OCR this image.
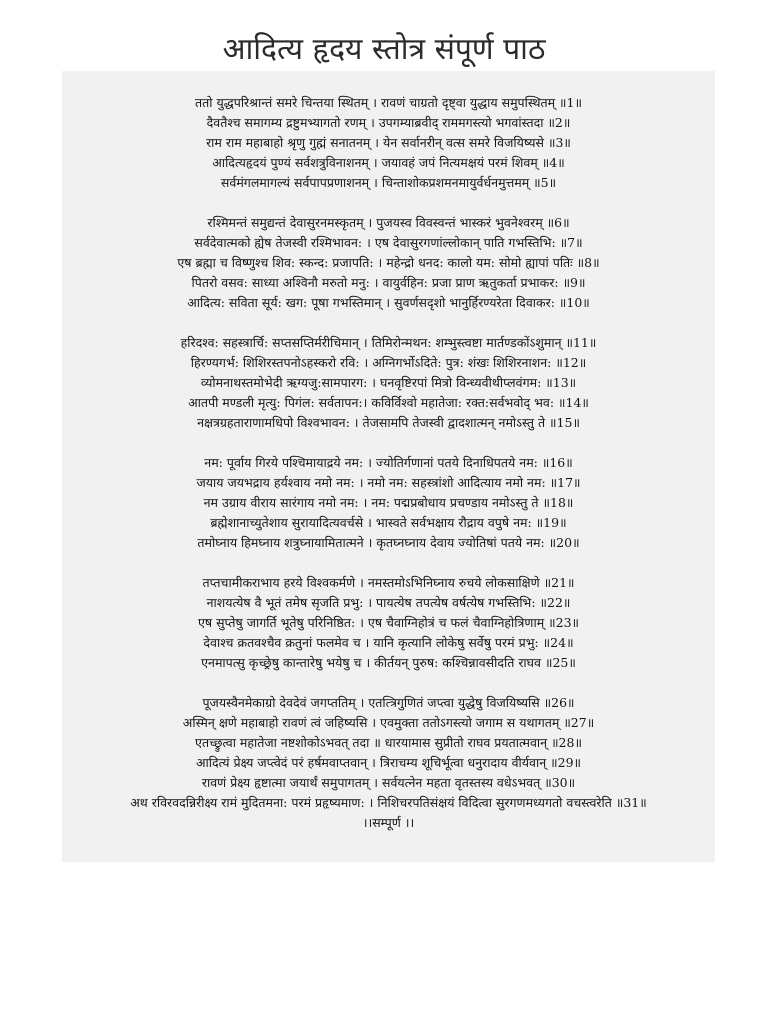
आदित्य हृदय स्तोत्र संपूर्ण पाठ
ततो युद्धपरिश्रान्तं समरे चिन्तया स्थितम् । रावणं चाग्रतो दृष्ट्वा युद्धाय समुपस्थितम् ॥1॥
दैवतैश्च समागम्य द्रष्टुमभ्यागतो रणम् । उपगम्याब्रवीद् राममगस्त्यो भगवांस्तदा ॥2॥
राम राम महाबाहो श्रृणु गुह्मं सनातनम् । येन सर्वानरीन् वत्स समरे विजयिष्यसे ॥3॥
आदित्यहृदयं पुण्यं सर्वशत्रुविनाशनम् । जयावहं जपं नित्यमक्षयं परमं शिवम् ॥4॥
सर्वमंगलमागल्यं सर्वपापप्रणाशनम् । चिन्ताशोकप्रशमनमायुर्वर्धनमुत्तमम् ॥5॥
रश्मिमन्तं समुद्यन्तं देवासुरनमस्कृतम् । पुजयस्व विवस्वन्तं भास्करं भुवनेश्वरम् ॥6॥
सर्वदेवात्मको ह्येष तेजस्वी रश्मिभावन: । एष देवासुरगणांल्लोकान् पाति गभस्तिभि: ॥7॥
एष ब्रह्मा च विष्णुश्च शिव: स्कन्द: प्रजापति: । महेन्द्रो धनद: कालो यम: सोमो ह्यापां पतिः ॥8॥
पितरो वसव: साध्या अश्विनौ मरुतो मनु: । वायुर्वहिन: प्रजा प्राण ऋतुकर्ता प्रभाकर: ॥9॥
आदित्य: सविता सूर्य: खग: पूषा गभस्तिमान् । सुवर्णसदृशो भानुर्हिरण्यरेता दिवाकर: ॥10॥
हरिदश्व: सहस्त्रार्चि: सप्तसप्तिर्मरीचिमान् । तिमिरोन्मथन: शम्भुस्त्वष्टा मार्तण्डकोंऽशुमान् ॥11॥
हिरण्यगर्भ: शिशिरस्तपनोऽहस्करो रवि: । अग्निगर्भोऽदिते: पुत्र: शंखः शिशिरनाशन: ॥12॥
व्योमनाथस्तमोभेदी ऋग्यजु:सामपारग: । घनवृष्टिरपां मित्रो विन्ध्यवीथीप्लवंगम: ॥13॥
आतपी मण्डली मृत्यु: पिगंल: सर्वतापन:। कविर्विश्वो महातेजा: रक्त:सर्वभवोद् भव: ॥14॥
नक्षत्रग्रहताराणामधिपो विश्वभावन: । तेजसामपि तेजस्वी द्वादशात्मन् नमोऽस्तु ते ॥15॥
नम: पूर्वाय गिरये पश्चिमायाद्रये नम: । ज्योतिर्गणानां पतये दिनाधिपतये नम: ॥16॥
जयाय जयभद्राय हर्यश्वाय नमो नम: । नमो नम: सहस्त्रांशो आदित्याय नमो नम: ॥17॥
नम उग्राय वीराय सारंगाय नमो नम: । नम: पद्मप्रबोधाय प्रचण्डाय नमोऽस्तु ते ॥18॥
ब्रह्मेशानाच्युतेशाय सुरायादित्यवर्चसे । भास्वते सर्वभक्षाय रौद्राय वपुषे नम: ॥19॥
तमोघ्नाय हिमघ्नाय शत्रुघ्नायामितात्मने । कृतघ्नघ्नाय देवाय ज्योतिषां पतये नम: ॥20॥
तप्तचामीकराभाय हरये विश्वकर्मणे । नमस्तमोऽभिनिघ्नाय रुचये लोकसाक्षिणे ॥21॥
नाशयत्येष वै भूतं तमेष सृजति प्रभु: । पायत्येष तपत्येष वर्षत्येष गभस्तिभि: ॥22॥
एष सुप्तेषु जागर्ति भूतेषु परिनिष्ठित: । एष चैवाग्निहोत्रं च फलं चैवाग्निहोत्रिणाम् ॥23॥
देवाश्च क्रतवश्चैव क्रतुनां फलमेव च । यानि कृत्यानि लोकेषु सर्वेषु परमं प्रभु: ॥24॥
एनमापत्सु कृच्छ्रेषु कान्तारेषु भयेषु च । कीर्तयन् पुरुष: कश्चिन्नावसीदति राघव ॥25॥
पूजयस्वैनमेकाग्रो देवदेवं जगप्ततिम् । एतत्त्रिगुणितं जप्त्वा युद्धेषु विजयिष्यसि ॥26॥
अस्मिन् क्षणे महाबाहो रावणं त्वं जहिष्यसि । एवमुक्ता ततोऽगस्त्यो जगाम स यथागतम् ॥27॥
एतच्छ्रुत्वा महातेजा नष्टशोकोऽभवत् तदा ॥ धारयामास सुप्रीतो राघव प्रयतात्मवान् ॥28॥
आदित्यं प्रेक्ष्य जप्त्वेदं परं हर्षमवाप्तवान् । त्रिराचम्य शूचिर्भूत्वा धनुरादाय वीर्यवान् ॥29॥
रावणं प्रेक्ष्य हृष्टात्मा जयार्थं समुपागतम् । सर्वयत्नेन महता वृतस्तस्य वधेऽभवत् ॥30॥
अथ रविरवदन्निरीक्ष्य रामं मुदितमना: परमं प्रहृष्यमाण: । निशिचरपतिसंक्षयं विदित्वा सुरगणमध्यगतो वचस्त्वरेति ॥31॥
।।सम्पूर्ण ।।
